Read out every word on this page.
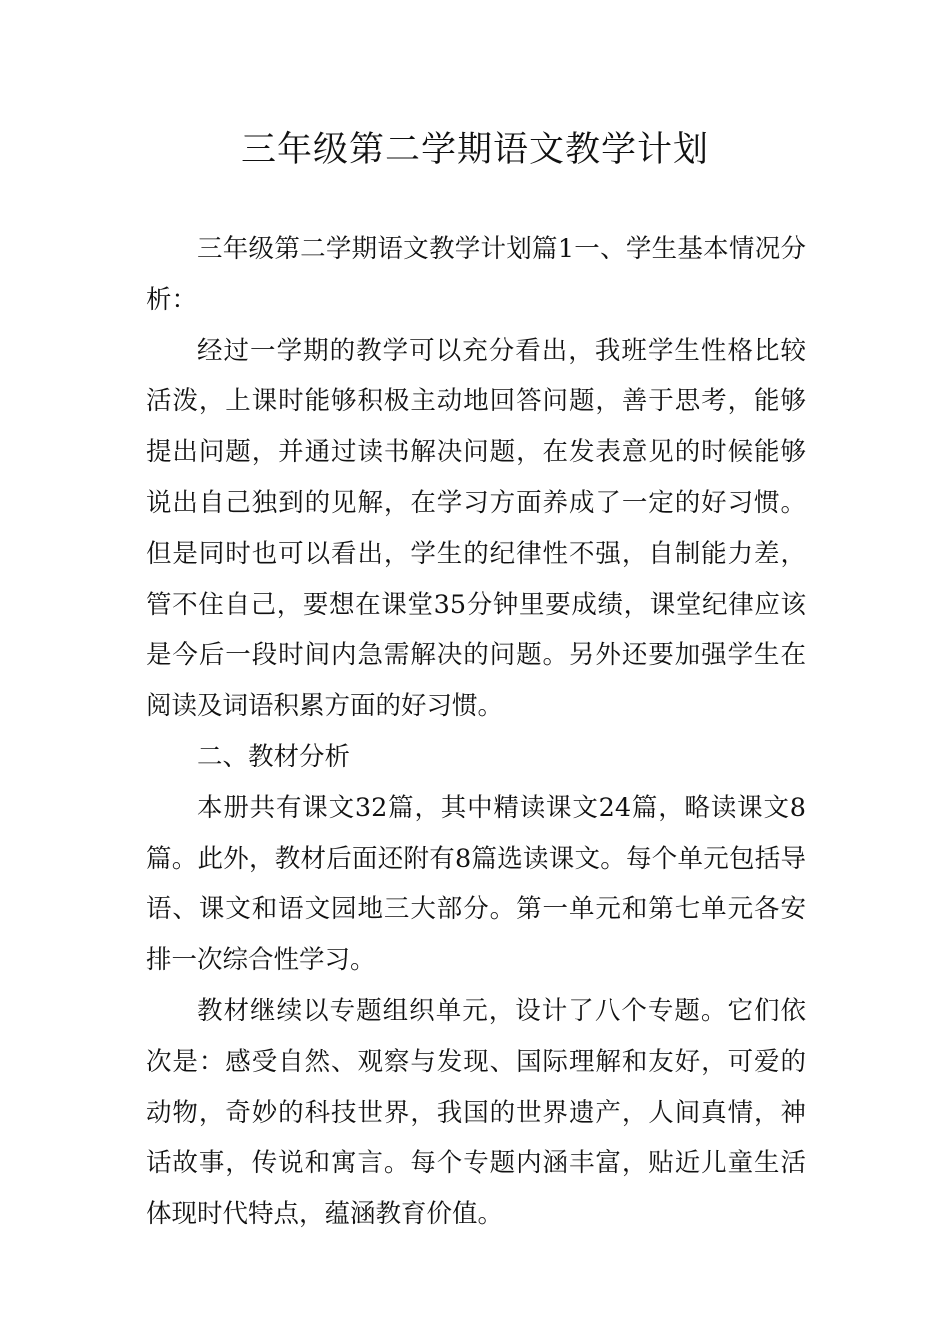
三年级第二学期语文教学计划

三年级第二学期语文教学计划篇1一、学生基本情况分析：

经过一学期的教学可以充分看出，我班学生性格比较活泼，上课时能够积极主动地回答问题，善于思考，能够提出问题，并通过读书解决问题，在发表意见的时候能够说出自己独到的见解，在学习方面养成了一定的好习惯。但是同时也可以看出，学生的纪律性不强，自制能力差，管不住自己，要想在课堂35分钟里要成绩，课堂纪律应该是今后一段时间内急需解决的问题。另外还要加强学生在阅读及词语积累方面的好习惯。

二、教材分析

本册共有课文32篇，其中精读课文24篇，略读课文8篇。此外，教材后面还附有8篇选读课文。每个单元包括导语、课文和语文园地三大部分。第一单元和第七单元各安排一次综合性学习。

教材继续以专题组织单元，设计了八个专题。它们依次是：感受自然、观察与发现、国际理解和友好，可爱的动物，奇妙的科技世界，我国的世界遗产，人间真情，神话故事，传说和寓言。每个专题内涵丰富，贴近儿童生活体现时代特点，蕴涵教育价值。
